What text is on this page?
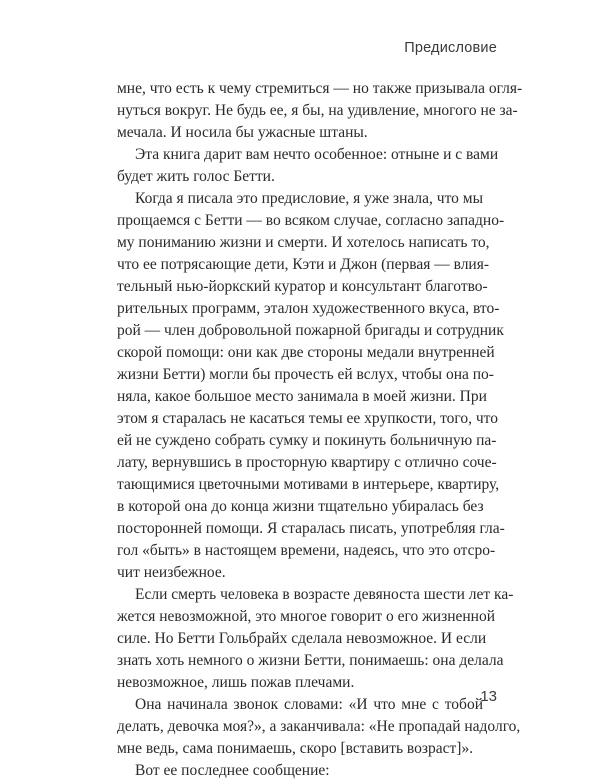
Предисловие
мне, что есть к чему стремиться — но также призывала огля-
нуться вокруг. Не будь ее, я бы, на удивление, многого не за-
мечала. И носила бы ужасные штаны.
Эта книга дарит вам нечто особенное: отныне и с вами
будет жить голос Бетти.
Когда я писала это предисловие, я уже знала, что мы
прощаемся с Бетти — во всяком случае, согласно западно-
му пониманию жизни и смерти. И хотелось написать то,
что ее потрясающие дети, Кэти и Джон (первая — влия-
тельный нью-йоркский куратор и консультант благотво-
рительных программ, эталон художественного вкуса, вто-
рой — член добровольной пожарной бригады и сотрудник
скорой помощи: они как две стороны медали внутренней
жизни Бетти) могли бы прочесть ей вслух, чтобы она по-
няла, какое большое место занимала в моей жизни. При
этом я старалась не касаться темы ее хрупкости, того, что
ей не суждено собрать сумку и покинуть больничную па-
лату, вернувшись в просторную квартиру с отлично соче-
тающимися цветочными мотивами в интерьере, квартиру,
в которой она до конца жизни тщательно убиралась без
посторонней помощи. Я старалась писать, употребляя гла-
гол «быть» в настоящем времени, надеясь, что это отсро-
чит неизбежное.
Если смерть человека в возрасте девяноста шести лет ка-
жется невозможной, это многое говорит о его жизненной
силе. Но Бетти Гольбрайх сделала невозможное. И если
знать хоть немного о жизни Бетти, понимаешь: она делала
невозможное, лишь пожав плечами.
Она начинала звонок словами: «И что мне с тобой
делать, девочка моя?», а заканчивала: «Не пропадай надолго,
мне ведь, сама понимаешь, скоро [вставить возраст]».
Вот ее последнее сообщение:
13
